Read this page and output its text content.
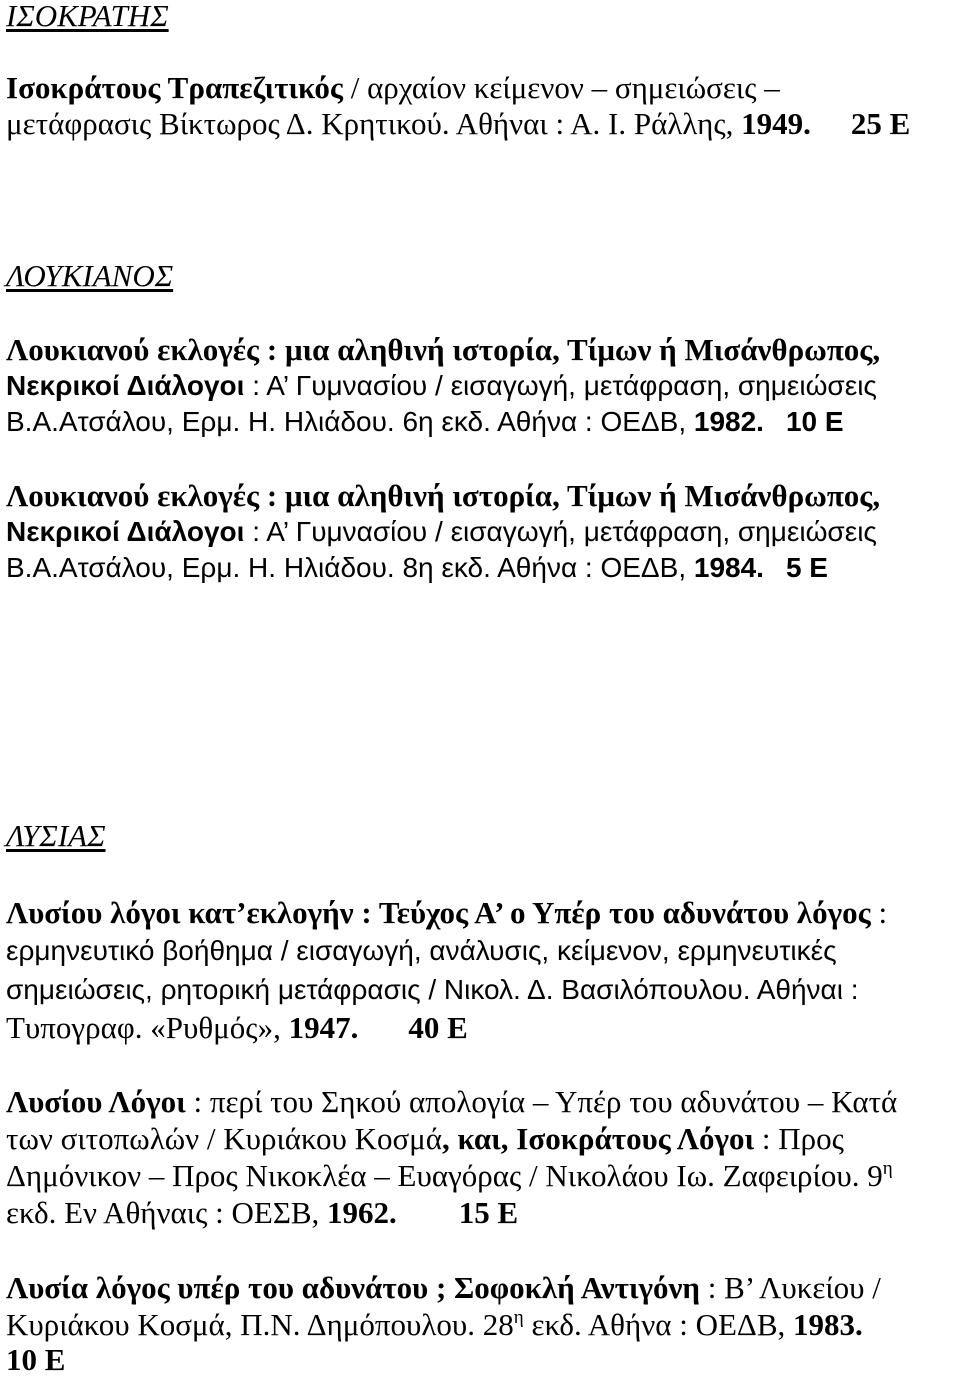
ΙΣΟΚΡΑΤΗΣ
Ισοκράτους Τραπεζιτικός / αρχαίον κείμενον – σημειώσεις –
μετάφρασις Βίκτωρος Δ. Κρητικού. Αθήναι : Α. Ι. Ράλλης, 1949. 25 Ε
ΛΟΥΚΙΑΝΟΣ
Λουκιανού εκλογές : μια αληθινή ιστορία, Τίμων ή Μισάνθρωπος,
Νεκρικοί Διάλογοι : Α’ Γυμνασίου / εισαγωγή, μετάφραση, σημειώσεις
Β.Α.Ατσάλου, Ερμ. Η. Ηλιάδου. 6η εκδ. Αθήνα : ΟΕΔΒ, 1982. 10 Ε
Λουκιανού εκλογές : μια αληθινή ιστορία, Τίμων ή Μισάνθρωπος,
Νεκρικοί Διάλογοι : Α’ Γυμνασίου / εισαγωγή, μετάφραση, σημειώσεις
Β.Α.Ατσάλου, Ερμ. Η. Ηλιάδου. 8η εκδ. Αθήνα : ΟΕΔΒ, 1984. 5 Ε
ΛΥΣΙΑΣ
Λυσίου λόγοι κατ’εκλογήν : Τεύχος Α’ ο Υπέρ του αδυνάτου λόγος :
ερμηνευτικό βοήθημα / εισαγωγή, ανάλυσις, κείμενον, ερμηνευτικές
σημειώσεις, ρητορική μετάφρασις / Νικολ. Δ. Βασιλόπουλου. Αθήναι :
Τυπογραφ. «Ρυθμός», 1947. 40 Ε
Λυσίου Λόγοι : περί του Σηκού απολογία – Υπέρ του αδυνάτου – Κατά
των σιτοπωλών / Κυριάκου Κοσμά, και, Ισοκράτους Λόγοι : Προς
Δημόνικον – Προς Νικοκλέα – Ευαγόρας / Νικολάου Ιω. Ζαφειρίου. $9^\eta$
εκδ. Εν Αθήναις : ΟΕΣΒ, 1962. 15 Ε
Λυσία λόγος υπέρ του αδυνάτου ; Σοφοκλή Αντιγόνη : Β’ Λυκείου /
Κυριάκου Κοσμά, Π.Ν. Δημόπουλου. $28^\eta$ εκδ. Αθήνα : ΟΕΔΒ, 1983.
10 Ε
